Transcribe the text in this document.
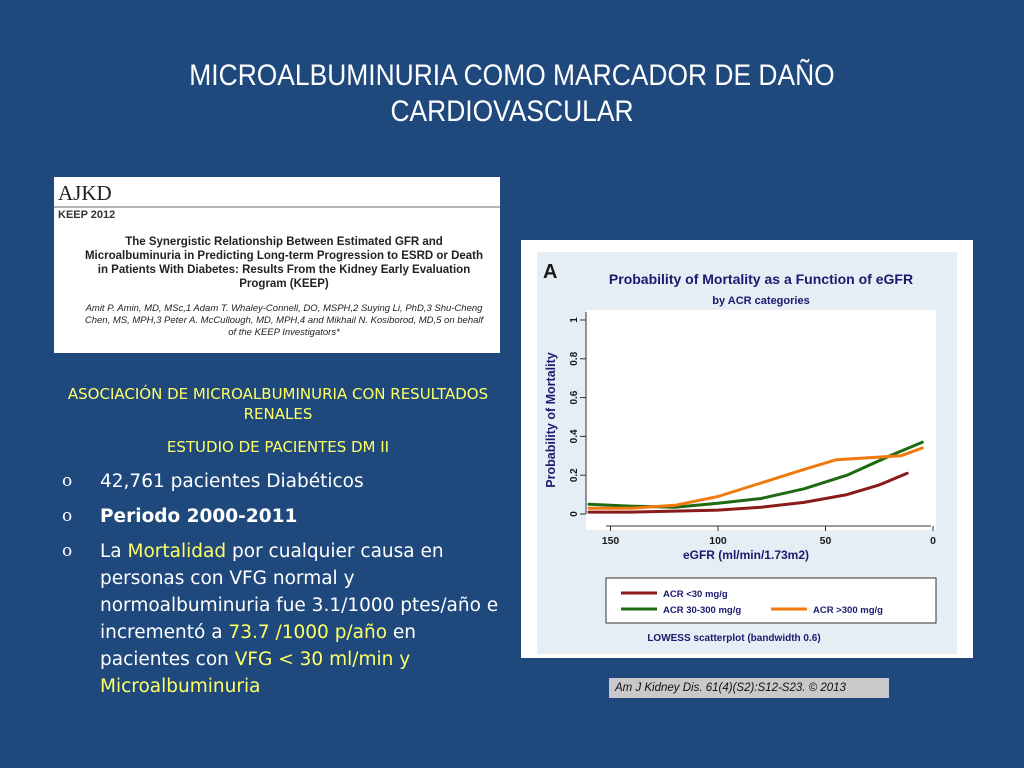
MICROALBUMINURIA COMO MARCADOR DE DAÑO
CARDIOVASCULAR
AJKD
KEEP 2012
The Synergistic Relationship Between Estimated GFR and Microalbuminuria in Predicting Long-term Progression to ESRD or Death in Patients With Diabetes: Results From the Kidney Early Evaluation Program (KEEP)
Amit P. Amin, MD, MSc,1 Adam T. Whaley-Connell, DO, MSPH,2 Suying Li, PhD,3 Shu-Cheng Chen, MS, MPH,3 Peter A. McCullough, MD, MPH,4 and Mikhail N. Kosiborod, MD,5 on behalf of the KEEP Investigators*
ASOCIACIÓN DE MICROALBUMINURIA CON RESULTADOS RENALES
ESTUDIO DE PACIENTES DM II
o 42,761 pacientes Diabéticos
o Periodo 2000-2011
o La Mortalidad por cualquier causa en personas con VFG normal y normoalbuminuria fue 3.1/1000 ptes/año e incrementó a 73.7 /1000 p/año en pacientes con VFG < 30 ml/min y Microalbuminuria
A	Probability of Mortality as a Function of eGFR
by ACR categories
0
0.2
0.4
0.6
0.8
1
150	100	50	0
Probability of Mortality
eGFR (ml/min/1.73m2)
ACR <30 mg/g
ACR 30-300 mg/g	ACR >300 mg/g
LOWESS scatterplot (bandwidth 0.6)
Am J Kidney Dis. 61(4)(S2):S12-S23. © 2013
